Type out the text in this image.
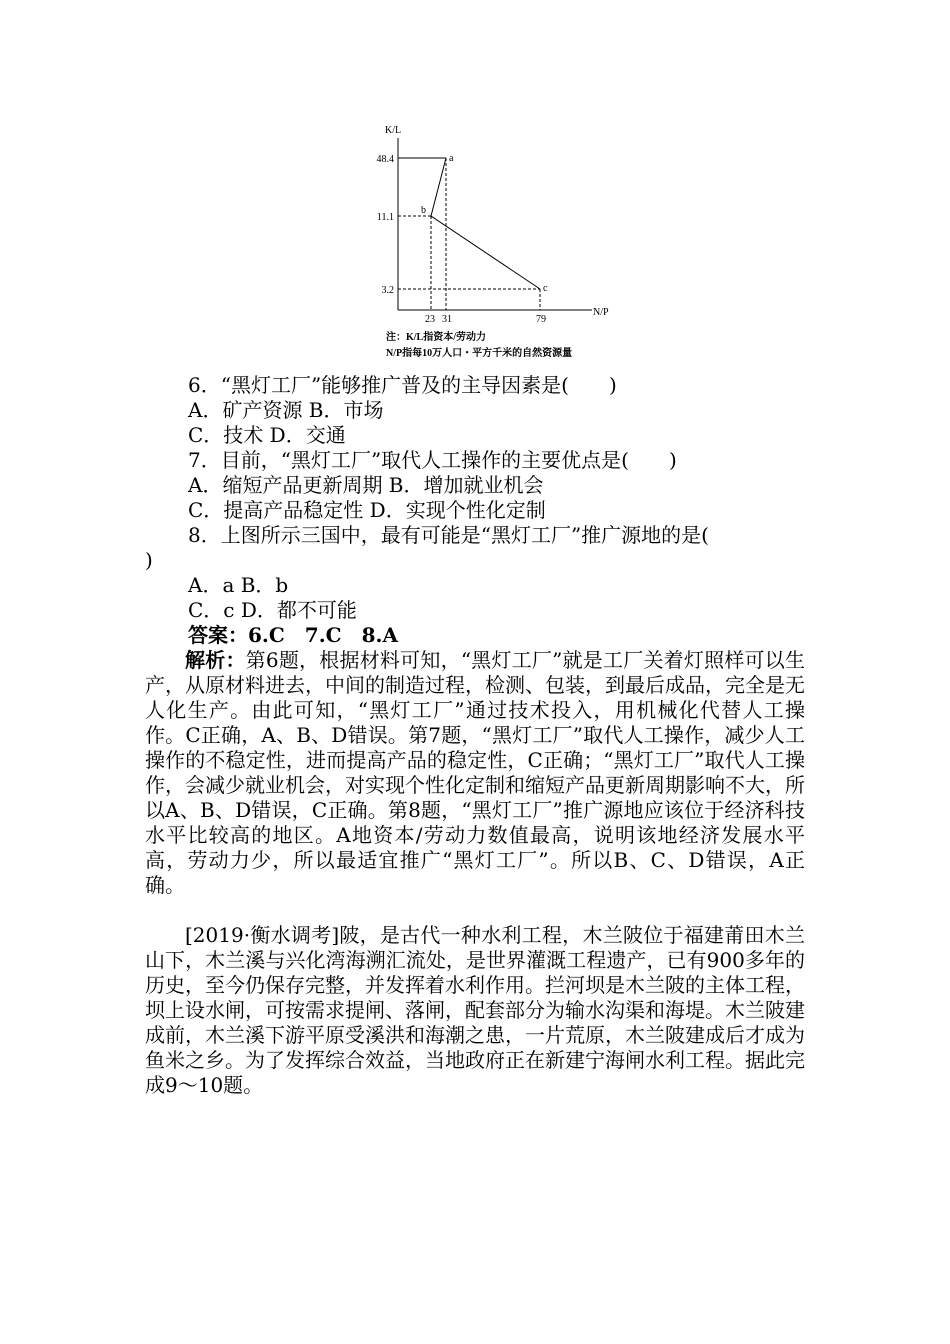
K/L
N/P
48.4
11.1
3.2
23 31	79
a
b
c
注：K/L指资本/劳动力
N/P指每10万人口・平方千米的自然资源量

6．“黑灯工厂”能够推广普及的主导因素是(　　)

A．矿产资源 B．市场

C．技术 D．交通

7．目前，“黑灯工厂”取代人工操作的主要优点是(　　)

A．缩短产品更新周期 B．增加就业机会

C．提高产品稳定性 D．实现个性化定制

8．上图所示三国中，最有可能是“黑灯工厂”推广源地的是(

)

A．a B．b

C．c D．都不可能

答案：6.C　7.C　8.A

解析：第6题，根据材料可知，“黑灯工厂”就是工厂关着灯照样可以生产，从原材料进去，中间的制造过程，检测、包装，到最后成品，完全是无人化生产。由此可知，“黑灯工厂”通过技术投入，用机械化代替人工操作。C正确，A、B、D错误。第7题，“黑灯工厂”取代人工操作，减少人工操作的不稳定性，进而提高产品的稳定性，C正确；“黑灯工厂”取代人工操作，会减少就业机会，对实现个性化定制和缩短产品更新周期影响不大，所以A、B、D错误，C正确。第8题，“黑灯工厂”推广源地应该位于经济科技水平比较高的地区。A地资本/劳动力数值最高，说明该地经济发展水平高，劳动力少，所以最适宜推广“黑灯工厂”。所以B、C、D错误，A正确。

[2019·衡水调考]陂，是古代一种水利工程，木兰陂位于福建莆田木兰山下，木兰溪与兴化湾海溯汇流处，是世界灌溉工程遗产，已有900多年的历史，至今仍保存完整，并发挥着水利作用。拦河坝是木兰陂的主体工程，坝上设水闸，可按需求提闸、落闸，配套部分为输水沟渠和海堤。木兰陂建成前，木兰溪下游平原受溪洪和海潮之患，一片荒原，木兰陂建成后才成为鱼米之乡。为了发挥综合效益，当地政府正在新建宁海闸水利工程。据此完成9～10题。
